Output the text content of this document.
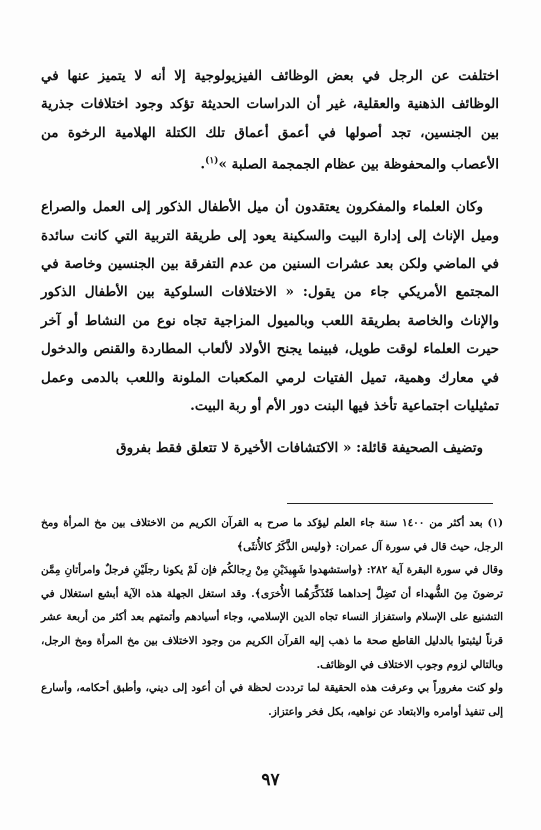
اختلفت عن الرجل في بعض الوظائف الفيزيولوجية إلا أنه لا يتميز عنها في الوظائف الذهنية والعقلية، غير أن الدراسات الحديثة تؤكد وجود اختلافات جذرية بين الجنسين، تجد أصولها في أعمق أعماق تلك الكتلة الهلامية الرخوة من الأعصاب والمحفوظة بين عظام الجمجمة الصلبة »$^{(١)}$.

وكان العلماء والمفكرون يعتقدون أن ميل الأطفال الذكور إلى العمل والصراع وميل الإناث إلى إدارة البيت والسكينة يعود إلى طريقة التربية التي كانت سائدة في الماضي ولكن بعد عشرات السنين من عدم التفرقة بين الجنسين وخاصة في المجتمع الأمريكي جاء من يقول: « الاختلافات السلوكية بين الأطفال الذكور والإناث والخاصة بطريقة اللعب وبالميول المزاجية تجاه نوع من النشاط أو آخر حيرت العلماء لوقت طويل، فبينما يجنح الأولاد لألعاب المطاردة والقنص والدخول في معارك وهمية، تميل الفتيات لرمي المكعبات الملونة واللعب بالدمى وعمل تمثيليات اجتماعية تأخذ فيها البنت دور الأم أو ربة البيت.

وتضيف الصحيفة قائلة: « الاكتشافات الأخيرة لا تتعلق فقط بفروق

(١) بعد أكثر من ١٤٠٠ سنة جاء العلم ليؤكد ما صرح به القرآن الكريم من الاختلاف بين مخ المرأة ومخ الرجل، حيث قال في سورة آل عمران: ﴿وليس الذَّكَرُ كالأُنثَى﴾

وقال في سورة البقرة آية ٢٨٢: ﴿واستشهدوا شَهِيدَيْنِ مِنْ رِجالكُم فإن لَمْ يكونا رجلَيْنِ فرجلٌ وامرأتانِ مِمَّن ترضونَ مِنَ الشُّهداء أن تَضِلَّ إحداهما فَتُذَكِّرَهُما الأُخرَى﴾. وقد استغل الجهلة هذه الآية أبشع استغلال في التشنيع على الإسلام واستفزاز النساء تجاه الدين الإسلامي، وجاء أسيادهم وأتمتهم بعد أكثر من أربعة عشر قرناً ليثبتوا بالدليل القاطع صحة ما ذهب إليه القرآن الكريم من وجود الاختلاف بين مخ المرأة ومخ الرجل، وبالتالي لزوم وجوب الاختلاف في الوظائف.

ولو كنت مغروراً بي وعرفت هذه الحقيقة لما ترددت لحظة في أن أعود إلى ديني، وأطبق أحكامه، وأسارع إلى تنفيذ أوامره والابتعاد عن نواهيه، بكل فخر واعتزاز.

٩٧
